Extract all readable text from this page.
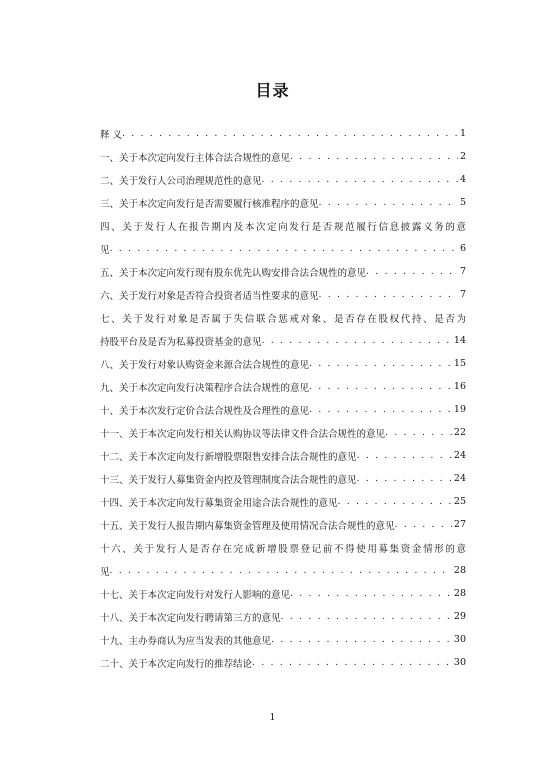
目录
释 义 . . .	1
一、关于本次定向发行主体合法合规性的意见 . . .	2
二、关于发行人公司治理规范性的意见 . . .	4
三、关于本次定向发行是否需要履行核准程序的意见 . . .	5
四、关于发行人在报告期内及本次定向发行是否规范履行信息披露义务的意
见 . . .	6
五、关于本次定向发行现有股东优先认购安排合法合规性的意见 . . .	7
六、关于发行对象是否符合投资者适当性要求的意见 . . .	7
七、关于发行对象是否属于失信联合惩戒对象、是否存在股权代持、是否为
持股平台及是否为私募投资基金的意见 . . .	14
八、关于发行对象认购资金来源合法合规性的意见 . . .	15
九、关于本次定向发行决策程序合法合规性的意见 . . .	16
十、关于本次发行定价合法合规性及合理性的意见 . . .	19
十一、关于本次定向发行相关认购协议等法律文件合法合规性的意见 . . .	22
十二、关于本次定向发行新增股票限售安排合法合规性的意见 . . .	24
十三、关于发行人募集资金内控及管理制度合法合规性的意见 . . .	24
十四、关于本次定向发行募集资金用途合法合规性的意见 . . .	25
十五、关于发行人报告期内募集资金管理及使用情况合法合规性的意见 . . .	27
十六、关于发行人是否存在完成新增股票登记前不得使用募集资金情形的意
见 . . .	28
十七、关于本次定向发行对发行人影响的意见 . . .	28
十八、关于本次定向发行聘请第三方的意见 . . .	29
十九、主办券商认为应当发表的其他意见 . . .	30
二十、关于本次定向发行的推荐结论 . . .	30
1
